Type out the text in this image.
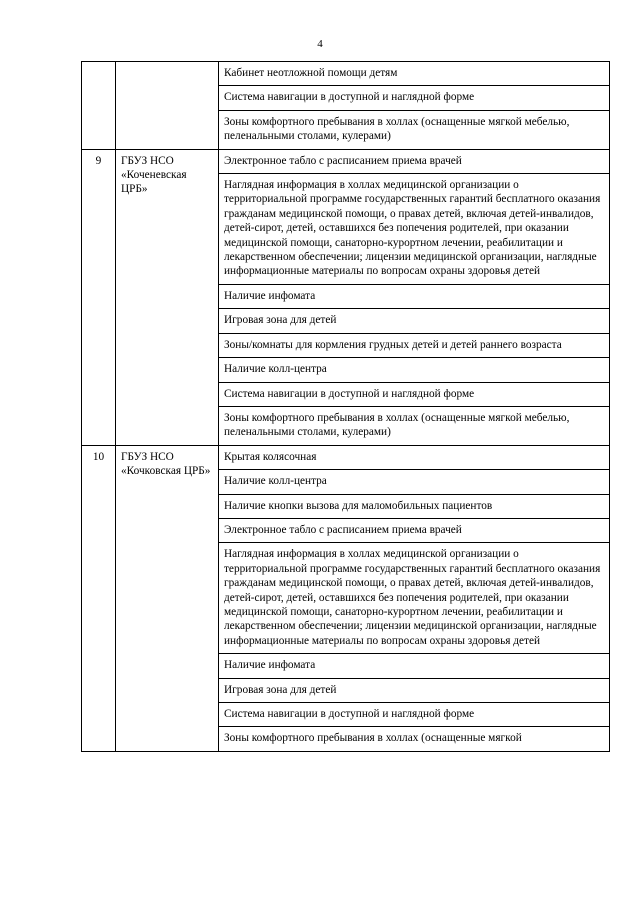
4
		Кабинет неотложной помощи детям
		Система навигации в доступной и наглядной форме
		Зоны комфортного пребывания в холлах (оснащенные мягкой мебелью, пеленальными столами, кулерами)
9	ГБУЗ НСО «Коченевская ЦРБ»	Электронное табло с расписанием приема врачей
		Наглядная информация в холлах медицинской организации о территориальной программе государственных гарантий бесплатного оказания гражданам медицинской помощи, о правах детей, включая детей-инвалидов, детей-сирот, детей, оставшихся без попечения родителей, при оказании медицинской помощи, санаторно-курортном лечении, реабилитации и лекарственном обеспечении; лицензии медицинской организации, наглядные информационные материалы по вопросам охраны здоровья детей
		Наличие инфомата
		Игровая зона для детей
		Зоны/комнаты для кормления грудных детей и детей раннего возраста
		Наличие колл-центра
		Система навигации в доступной и наглядной форме
		Зоны комфортного пребывания в холлах (оснащенные мягкой мебелью, пеленальными столами, кулерами)
10	ГБУЗ НСО «Кочковская ЦРБ»	Крытая колясочная
		Наличие колл-центра
		Наличие кнопки вызова для маломобильных пациентов
		Электронное табло с расписанием приема врачей
		Наглядная информация в холлах медицинской организации о территориальной программе государственных гарантий бесплатного оказания гражданам медицинской помощи, о правах детей, включая детей-инвалидов, детей-сирот, детей, оставшихся без попечения родителей, при оказании медицинской помощи, санаторно-курортном лечении, реабилитации и лекарственном обеспечении; лицензии медицинской организации, наглядные информационные материалы по вопросам охраны здоровья детей
		Наличие инфомата
		Игровая зона для детей
		Система навигации в доступной и наглядной форме
		Зоны комфортного пребывания в холлах (оснащенные мягкой
